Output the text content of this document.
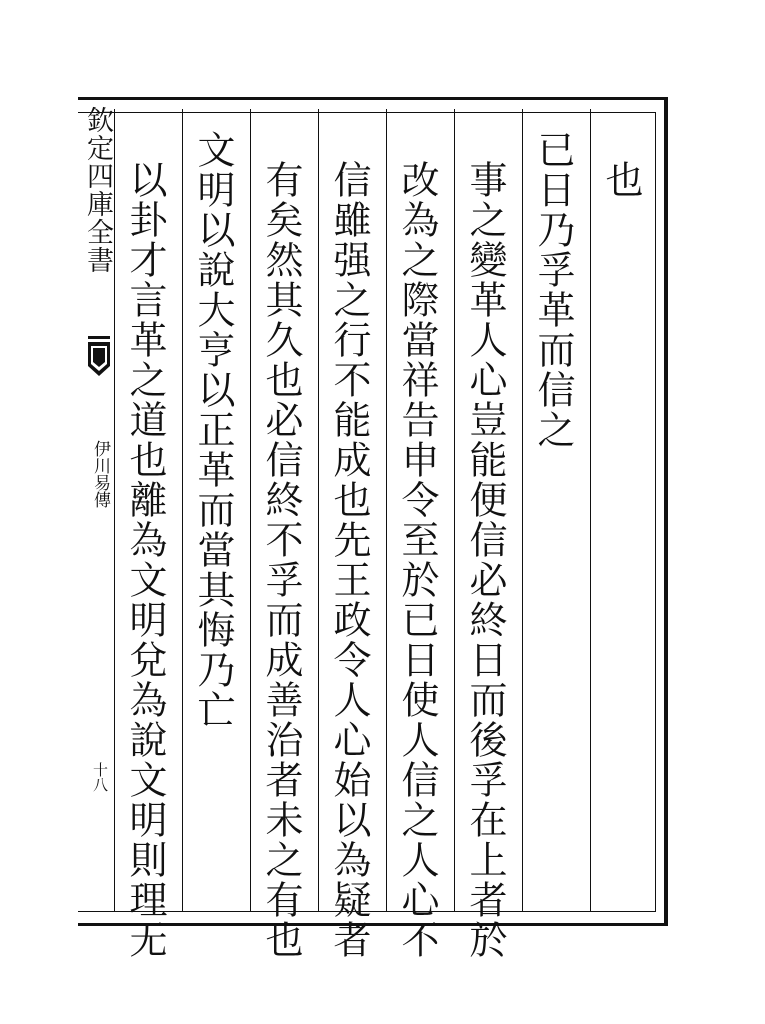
欽定四庫全書
伊川易傳
十八
也
已日乃孚革而信之
事之變革人心豈能便信必終日而後孚在上者於
改為之際當祥告申令至於已日使人信之人心不
信雖强之行不能成也先王政令人心始以為疑者
有矣然其久也必信終不孚而成善治者未之有也
文明以說大亨以正革而當其悔乃亡
以卦才言革之道也離為文明兌為說文明則理无
